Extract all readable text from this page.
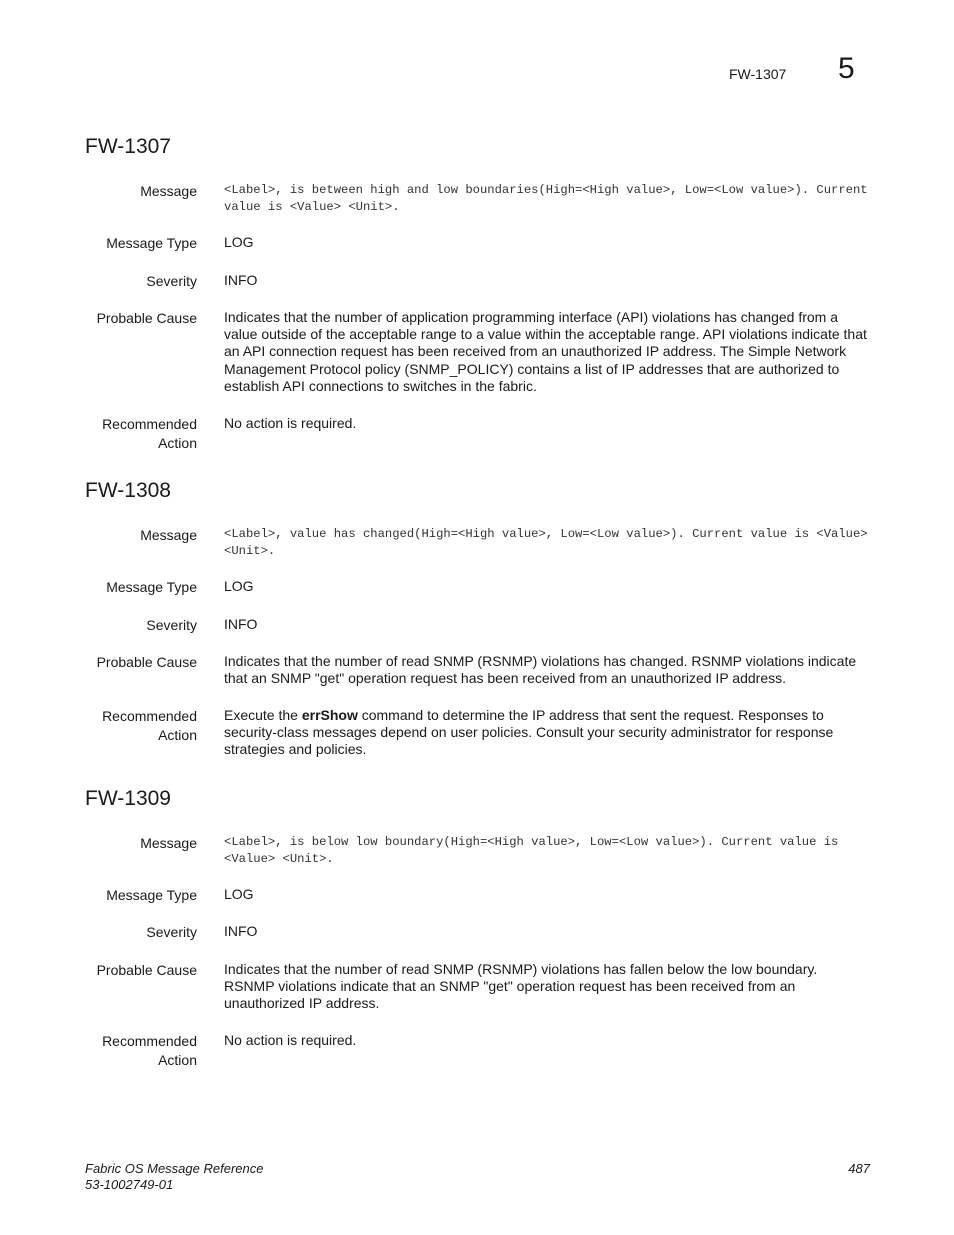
FW-1307 5
FW-1307
Message <Label>, is between high and low boundaries(High=<High value>, Low=<Low value>). Current value is <Value> <Unit>.
Message Type LOG
Severity INFO
Probable Cause Indicates that the number of application programming interface (API) violations has changed from a value outside of the acceptable range to a value within the acceptable range. API violations indicate that an API connection request has been received from an unauthorized IP address. The Simple Network Management Protocol policy (SNMP_POLICY) contains a list of IP addresses that are authorized to establish API connections to switches in the fabric.
Recommended
Action
No action is required.
FW-1308
Message <Label>, value has changed(High=<High value>, Low=<Low value>). Current value is <Value> <Unit>.
Message Type LOG
Severity INFO
Probable Cause Indicates that the number of read SNMP (RSNMP) violations has changed. RSNMP violations indicate that an SNMP "get" operation request has been received from an unauthorized IP address.
Recommended
Action
Execute the errShow command to determine the IP address that sent the request. Responses to security-class messages depend on user policies. Consult your security administrator for response strategies and policies.
FW-1309
Message <Label>, is below low boundary(High=<High value>, Low=<Low value>). Current value is <Value> <Unit>.
Message Type LOG
Severity INFO
Probable Cause Indicates that the number of read SNMP (RSNMP) violations has fallen below the low boundary. RSNMP violations indicate that an SNMP "get" operation request has been received from an unauthorized IP address.
Recommended
Action
No action is required.
Fabric OS Message Reference
53-1002749-01
487
